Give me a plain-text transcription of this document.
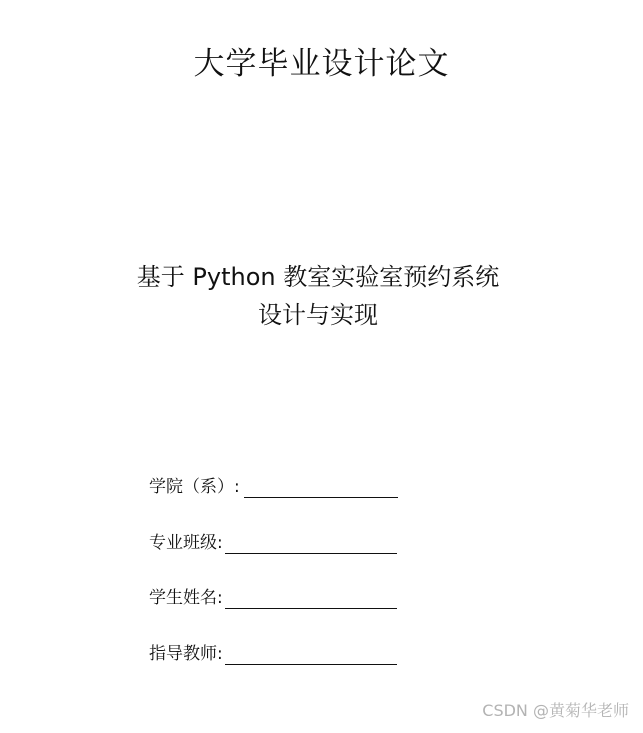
大学毕业设计论文
基于 Python 教室实验室预约系统
设计与实现
学院（系）:
专业班级:
学生姓名:
指导教师:
CSDN @黄菊华老师
